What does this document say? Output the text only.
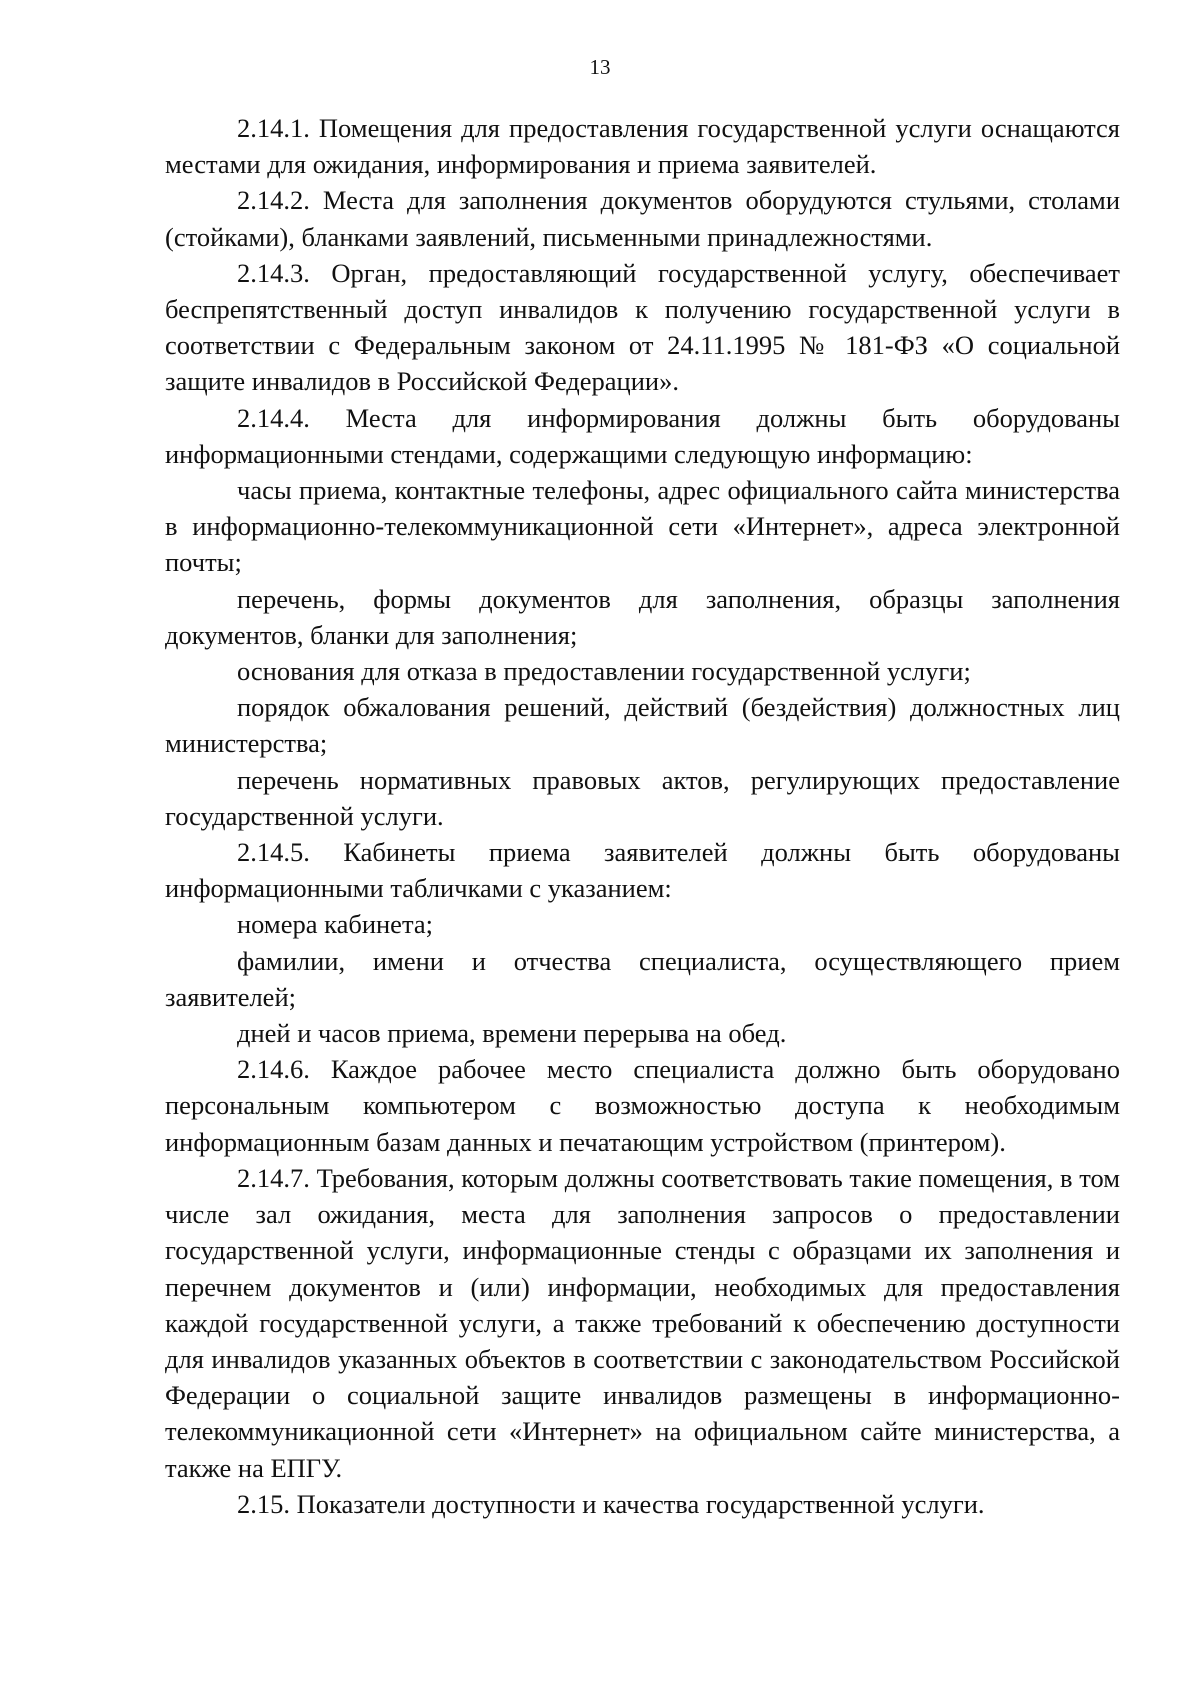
13

2.14.1. Помещения для предоставления государственной услуги оснащаются местами для ожидания, информирования и приема заявителей.

2.14.2. Места для заполнения документов оборудуются стульями, столами (стойками), бланками заявлений, письменными принадлежностями.

2.14.3. Орган, предоставляющий государственной услугу, обеспечивает беспрепятственный доступ инвалидов к получению государственной услуги в соответствии с Федеральным законом от 24.11.1995 № 181-ФЗ «О социальной защите инвалидов в Российской Федерации».

2.14.4. Места для информирования должны быть оборудованы информационными стендами, содержащими следующую информацию:

часы приема, контактные телефоны, адрес официального сайта министерства в информационно-телекоммуникационной сети «Интернет», адреса электронной почты;

перечень, формы документов для заполнения, образцы заполнения документов, бланки для заполнения;

основания для отказа в предоставлении государственной услуги;

порядок обжалования решений, действий (бездействия) должностных лиц министерства;

перечень нормативных правовых актов, регулирующих предоставление государственной услуги.

2.14.5. Кабинеты приема заявителей должны быть оборудованы информационными табличками с указанием:

номера кабинета;

фамилии, имени и отчества специалиста, осуществляющего прием заявителей;

дней и часов приема, времени перерыва на обед.

2.14.6. Каждое рабочее место специалиста должно быть оборудовано персональным компьютером с возможностью доступа к необходимым информационным базам данных и печатающим устройством (принтером).

2.14.7. Требования, которым должны соответствовать такие помещения, в том числе зал ожидания, места для заполнения запросов о предоставлении государственной услуги, информационные стенды с образцами их заполнения и перечнем документов и (или) информации, необходимых для предоставления каждой государственной услуги, а также требований к обеспечению доступности для инвалидов указанных объектов в соответствии с законодательством Российской Федерации о социальной защите инвалидов размещены в информационно-телекоммуникационной сети «Интернет» на официальном сайте министерства, а также на ЕПГУ.

2.15. Показатели доступности и качества государственной услуги.
